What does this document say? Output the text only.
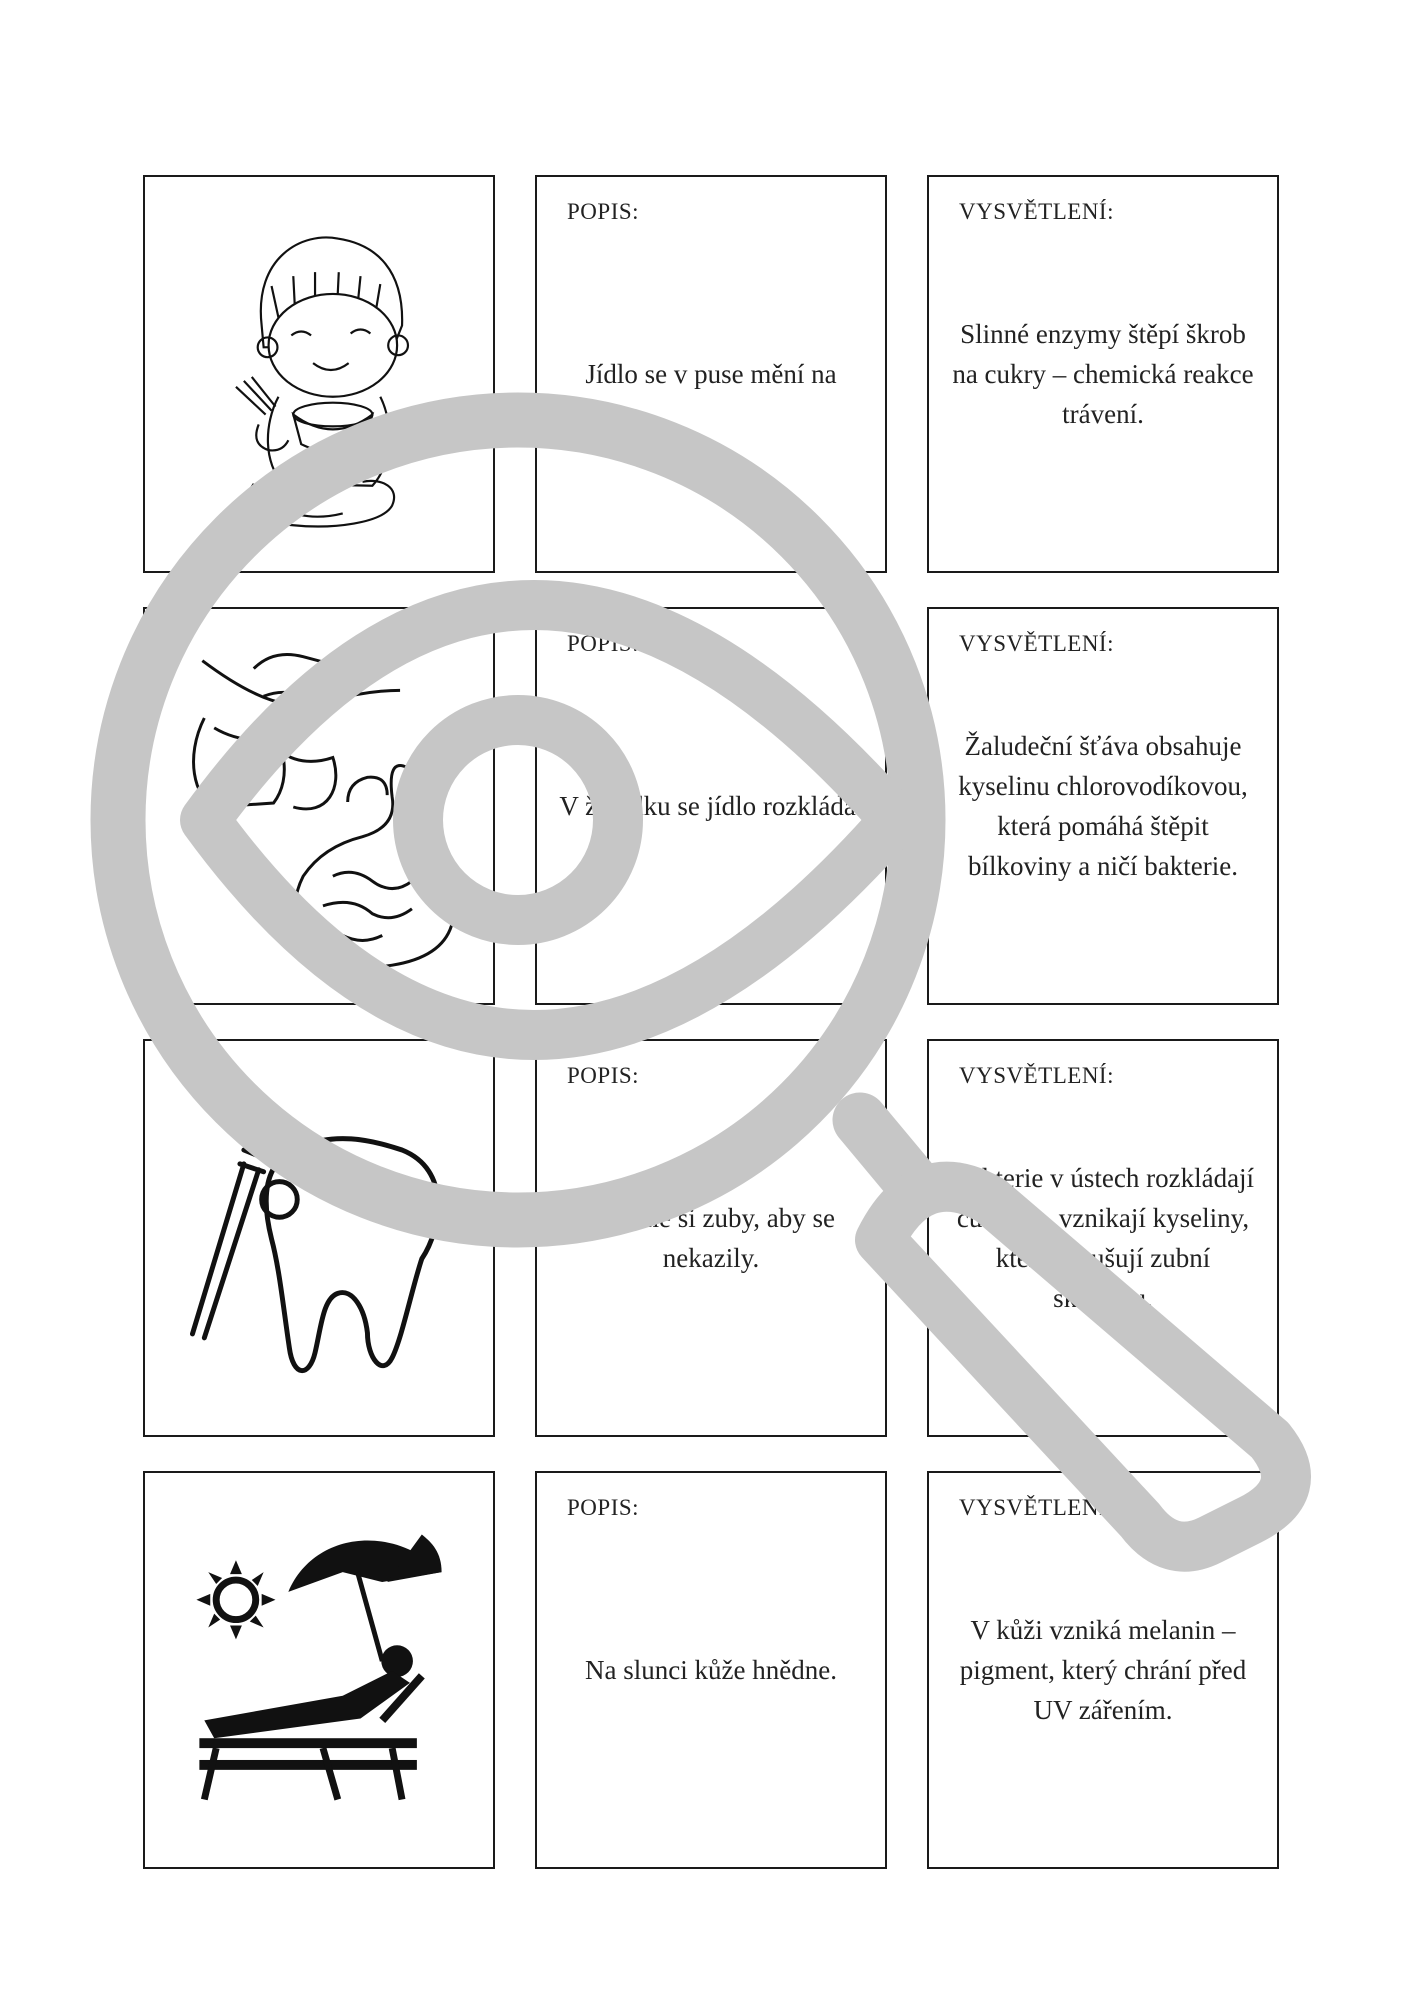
POPIS:
Jídlo se v puse mění na
VYSVĚTLENÍ:
Slinné enzymy štěpí škrob na cukry – chemická reakce trávení.
POPIS:
V žaludku se jídlo rozkládá.
VYSVĚTLENÍ:
Žaludeční šťáva obsahuje kyselinu chlorovodíkovou, která pomáhá štěpit bílkoviny a ničí bakterie.
POPIS:
Čistíme si zuby, aby se nekazily.
VYSVĚTLENÍ:
Bakterie v ústech rozkládají cukry → vznikají kyseliny, které narušují zubní sklovinu.
POPIS:
Na slunci kůže hnědne.
VYSVĚTLENÍ:
V kůži vzniká melanin – pigment, který chrání před UV zářením.
